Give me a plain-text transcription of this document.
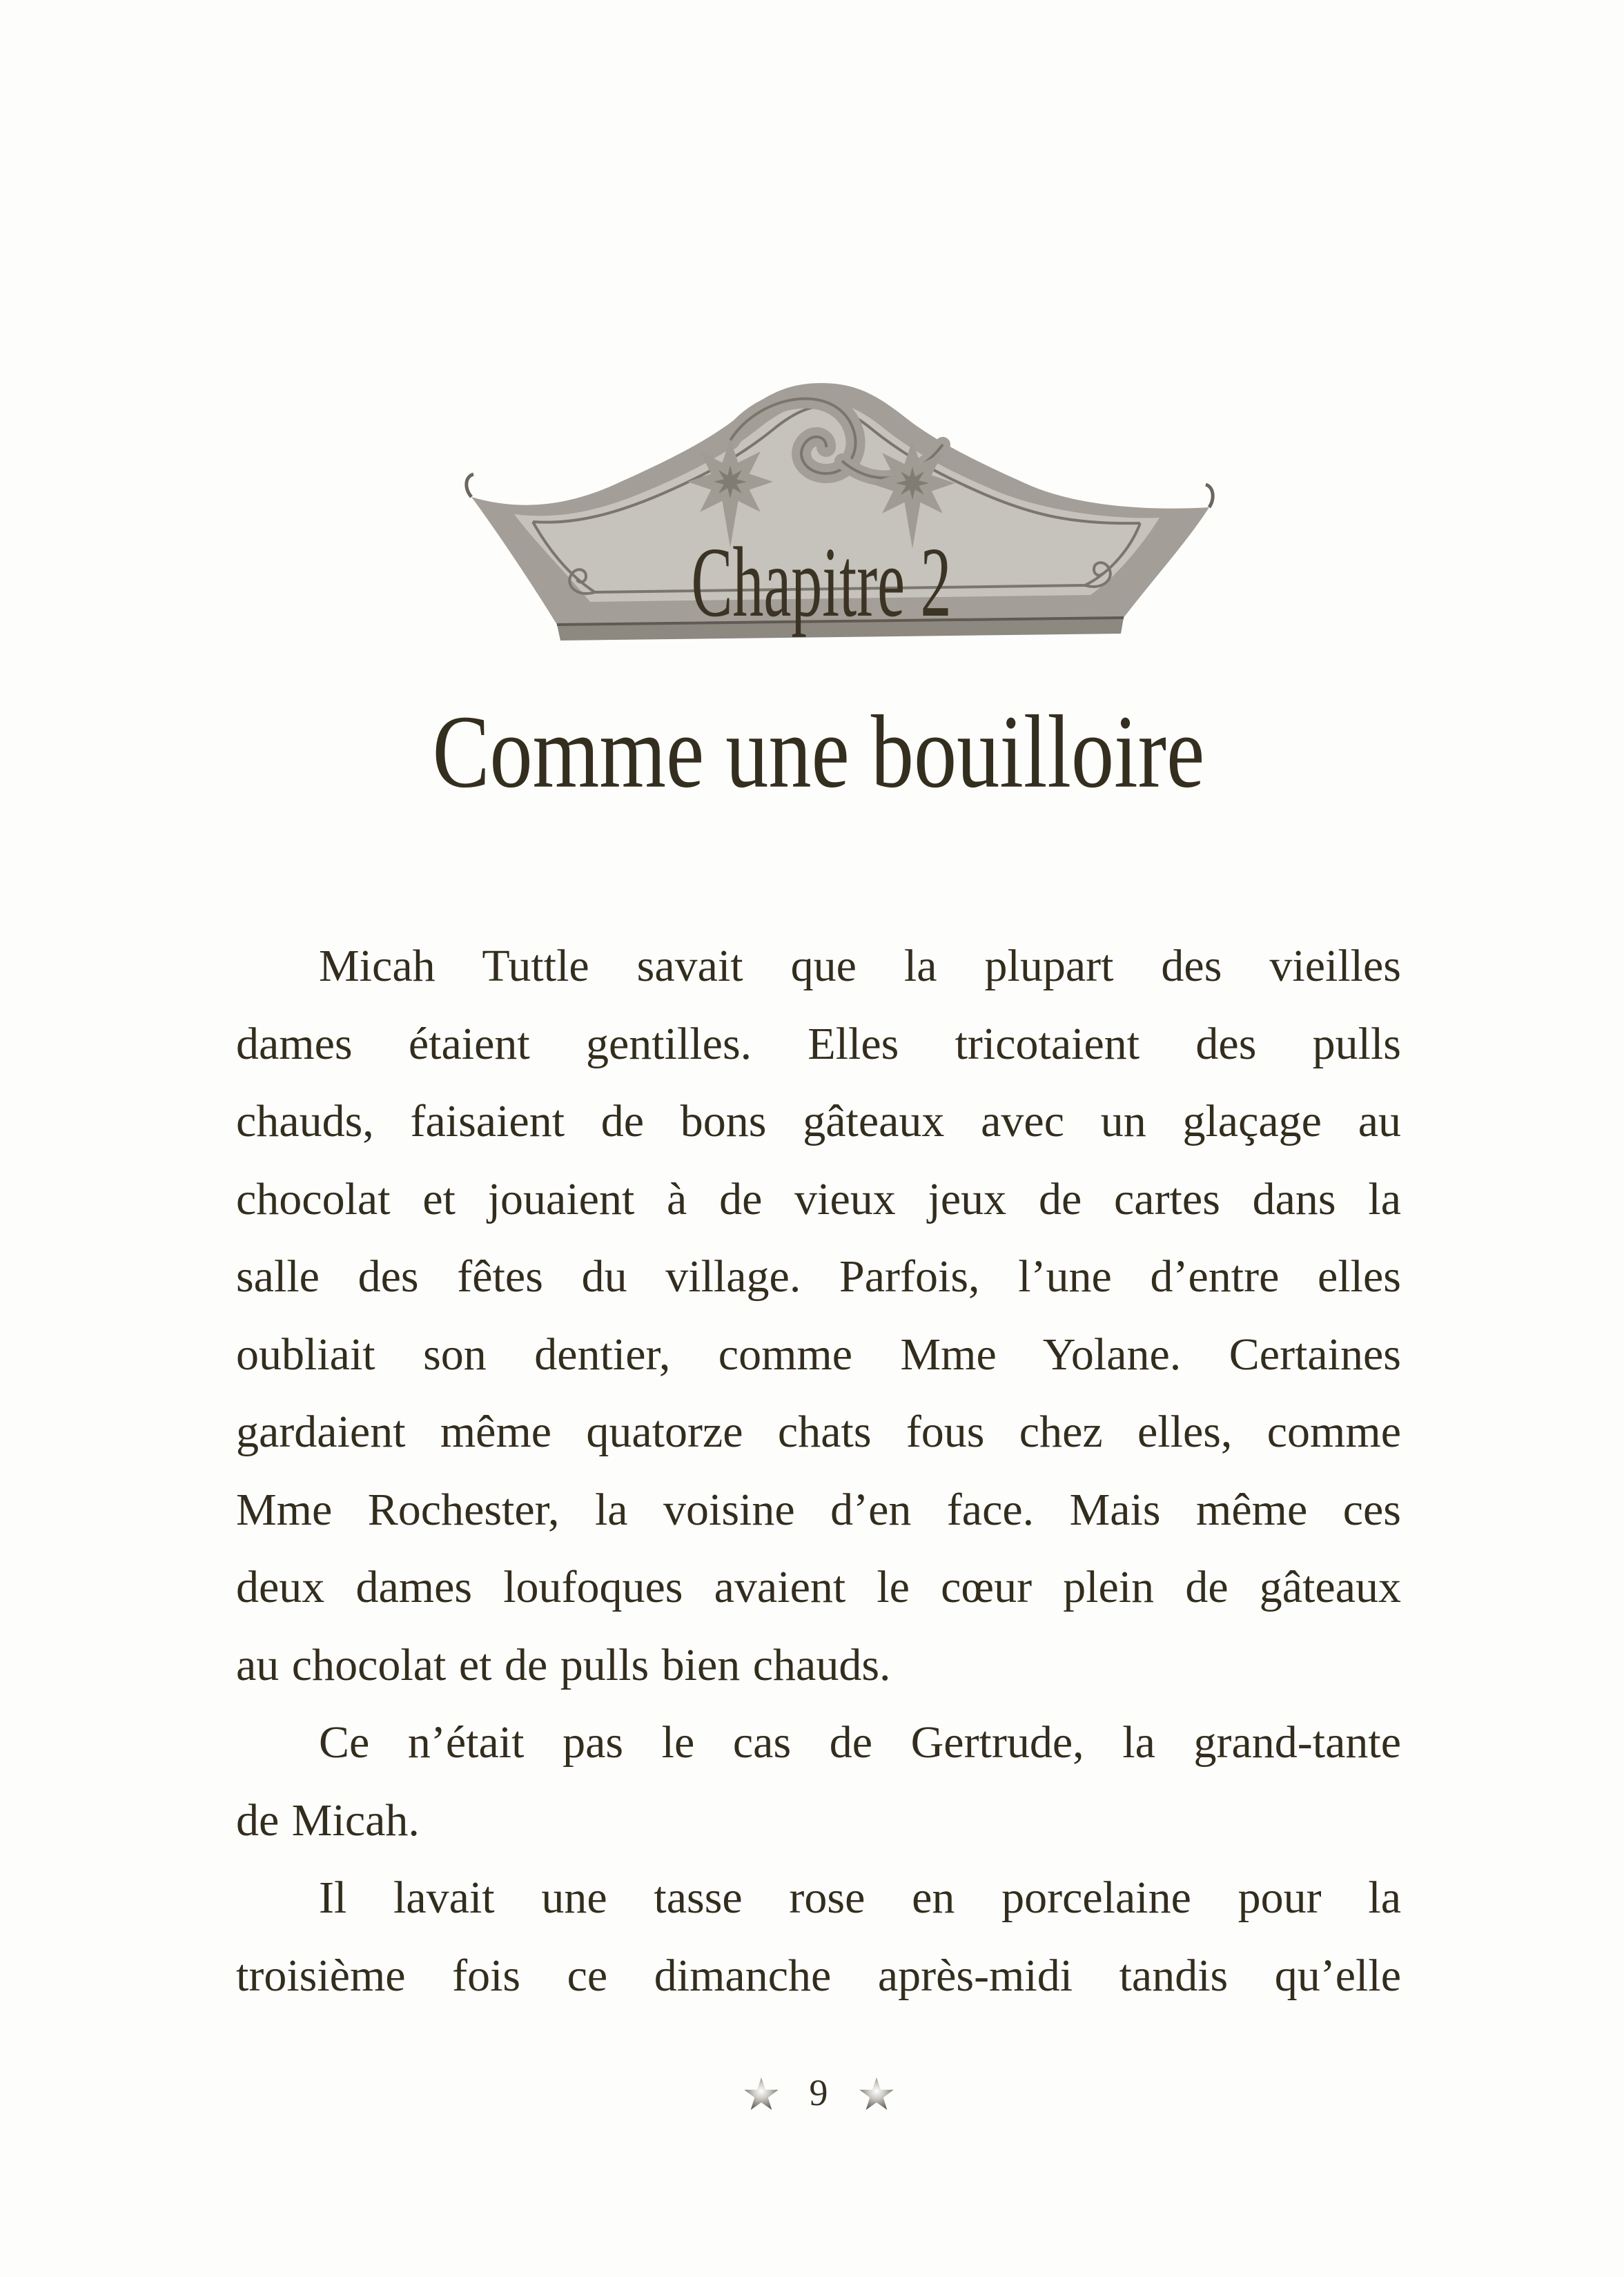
Chapitre 2
Comme une bouilloire
Micah Tuttle savait que la plupart des vieilles
dames étaient gentilles. Elles tricotaient des pulls
chauds, faisaient de bons gâteaux avec un glaçage au
chocolat et jouaient à de vieux jeux de cartes dans la
salle des fêtes du village. Parfois, l’une d’entre elles
oubliait son dentier, comme Mme Yolane. Certaines
gardaient même quatorze chats fous chez elles, comme
Mme Rochester, la voisine d’en face. Mais même ces
deux dames loufoques avaient le cœur plein de gâteaux
au chocolat et de pulls bien chauds.
Ce n’était pas le cas de Gertrude, la grand-tante
de Micah.
Il lavait une tasse rose en porcelaine pour la
troisième fois ce dimanche après-midi tandis qu’elle
9
